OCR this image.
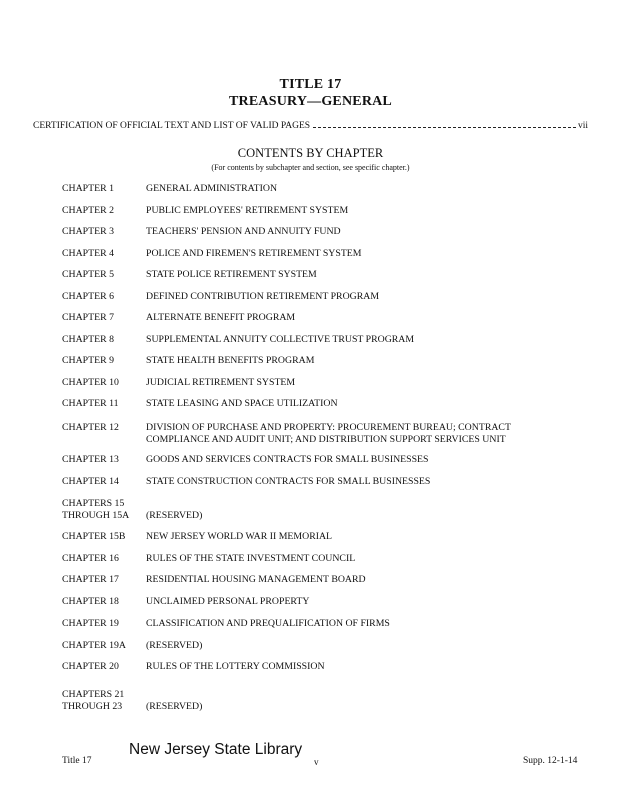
TITLE 17
TREASURY—GENERAL
CERTIFICATION OF OFFICIAL TEXT AND LIST OF VALID PAGES	vii
CONTENTS BY CHAPTER
(For contents by subchapter and section, see specific chapter.)
CHAPTER 1	GENERAL ADMINISTRATION
CHAPTER 2	PUBLIC EMPLOYEES' RETIREMENT SYSTEM
CHAPTER 3	TEACHERS' PENSION AND ANNUITY FUND
CHAPTER 4	POLICE AND FIREMEN'S RETIREMENT SYSTEM
CHAPTER 5	STATE POLICE RETIREMENT SYSTEM
CHAPTER 6	DEFINED CONTRIBUTION RETIREMENT PROGRAM
CHAPTER 7	ALTERNATE BENEFIT PROGRAM
CHAPTER 8	SUPPLEMENTAL ANNUITY COLLECTIVE TRUST PROGRAM
CHAPTER 9	STATE HEALTH BENEFITS PROGRAM
CHAPTER 10	JUDICIAL RETIREMENT SYSTEM
CHAPTER 11	STATE LEASING AND SPACE UTILIZATION
CHAPTER 12	DIVISION OF PURCHASE AND PROPERTY: PROCUREMENT BUREAU; CONTRACT COMPLIANCE AND AUDIT UNIT; AND DISTRIBUTION SUPPORT SERVICES UNIT
CHAPTER 13	GOODS AND SERVICES CONTRACTS FOR SMALL BUSINESSES
CHAPTER 14	STATE CONSTRUCTION CONTRACTS FOR SMALL BUSINESSES
CHAPTERS 15 THROUGH 15A	(RESERVED)
CHAPTER 15B	NEW JERSEY WORLD WAR II MEMORIAL
CHAPTER 16	RULES OF THE STATE INVESTMENT COUNCIL
CHAPTER 17	RESIDENTIAL HOUSING MANAGEMENT BOARD
CHAPTER 18	UNCLAIMED PERSONAL PROPERTY
CHAPTER 19	CLASSIFICATION AND PREQUALIFICATION OF FIRMS
CHAPTER 19A	(RESERVED)
CHAPTER 20	RULES OF THE LOTTERY COMMISSION
CHAPTERS 21 THROUGH 23	(RESERVED)
Title 17
New Jersey State Library
v	Supp. 12-1-14
